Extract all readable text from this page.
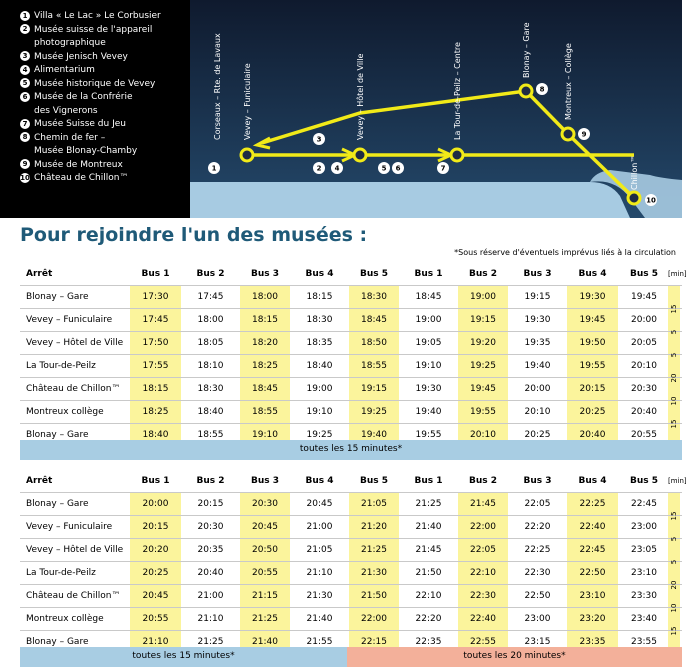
1 Villa « Le Lac » Le Corbusier
2 Musée suisse de l'appareil
photographique
3 Musée Jenisch Vevey
4 Alimentarium
5 Musée historique de Vevey
6 Musée de la Confrérie
des Vignerons
7 Musée Suisse du Jeu
8 Chemin de fer –
Musée Blonay-Chamby
9 Musée de Montreux
10 Château de Chillon™
Corseaux – Rte. de Lavaux	Vevey – Funiculaire	Vevey – Hôtel de Ville	La Tour-de-Peilz – Centre	Blonay – Gare	Montreux – Collège
Chillon™
1	2
3
4	5 6	7
8
9
10
Pour rejoindre l'un des musées :
*Sous réserve d'éventuels imprévus liés à la circulation
Arrêt	Bus 1	Bus 2	Bus 3	Bus 4	Bus 5	Bus 1	Bus 2	Bus 3	Bus 4	Bus 5	[min]
Blonay – Gare	17:30	17:45	18:00	18:15	18:30	18:45	19:00	19:15	19:30	19:45
Vevey – Funiculaire	17:45	18:00	18:15	18:30	18:45	19:00	19:15	19:30	19:45	20:00
15
Vevey – Hôtel de Ville	17:50	18:05	18:20	18:35	18:50	19:05	19:20	19:35	19:50	20:05
5
La Tour-de-Peilz	17:55	18:10	18:25	18:40	18:55	19:10	19:25	19:40	19:55	20:10
5
Château de Chillon™	18:15	18:30	18:45	19:00	19:15	19:30	19:45	20:00	20:15	20:30
20
Montreux collège	18:25	18:40	18:55	19:10	19:25	19:40	19:55	20:10	20:25	20:40
10
Blonay – Gare	18:40	18:55	19:10	19:25	19:40	19:55	20:10	20:25	20:40	20:55
15
toutes les 15 minutes*
Arrêt	Bus 1	Bus 2	Bus 3	Bus 4	Bus 5	Bus 1	Bus 2	Bus 3	Bus 4	Bus 5	[min]
Blonay – Gare	20:00	20:15	20:30	20:45	21:05	21:25	21:45	22:05	22:25	22:45
Vevey – Funiculaire	20:15	20:30	20:45	21:00	21:20	21:40	22:00	22:20	22:40	23:00
15
Vevey – Hôtel de Ville	20:20	20:35	20:50	21:05	21:25	21:45	22:05	22:25	22:45	23:05
5
La Tour-de-Peilz	20:25	20:40	20:55	21:10	21:30	21:50	22:10	22:30	22:50	23:10
5
Château de Chillon™	20:45	21:00	21:15	21:30	21:50	22:10	22:30	22:50	23:10	23:30
20
Montreux collège	20:55	21:10	21:25	21:40	22:00	22:20	22:40	23:00	23:20	23:40
10
Blonay – Gare	21:10	21:25	21:40	21:55	22:15	22:35	22:55	23:15	23:35	23:55
15
toutes les 15 minutes*	toutes les 20 minutes*
